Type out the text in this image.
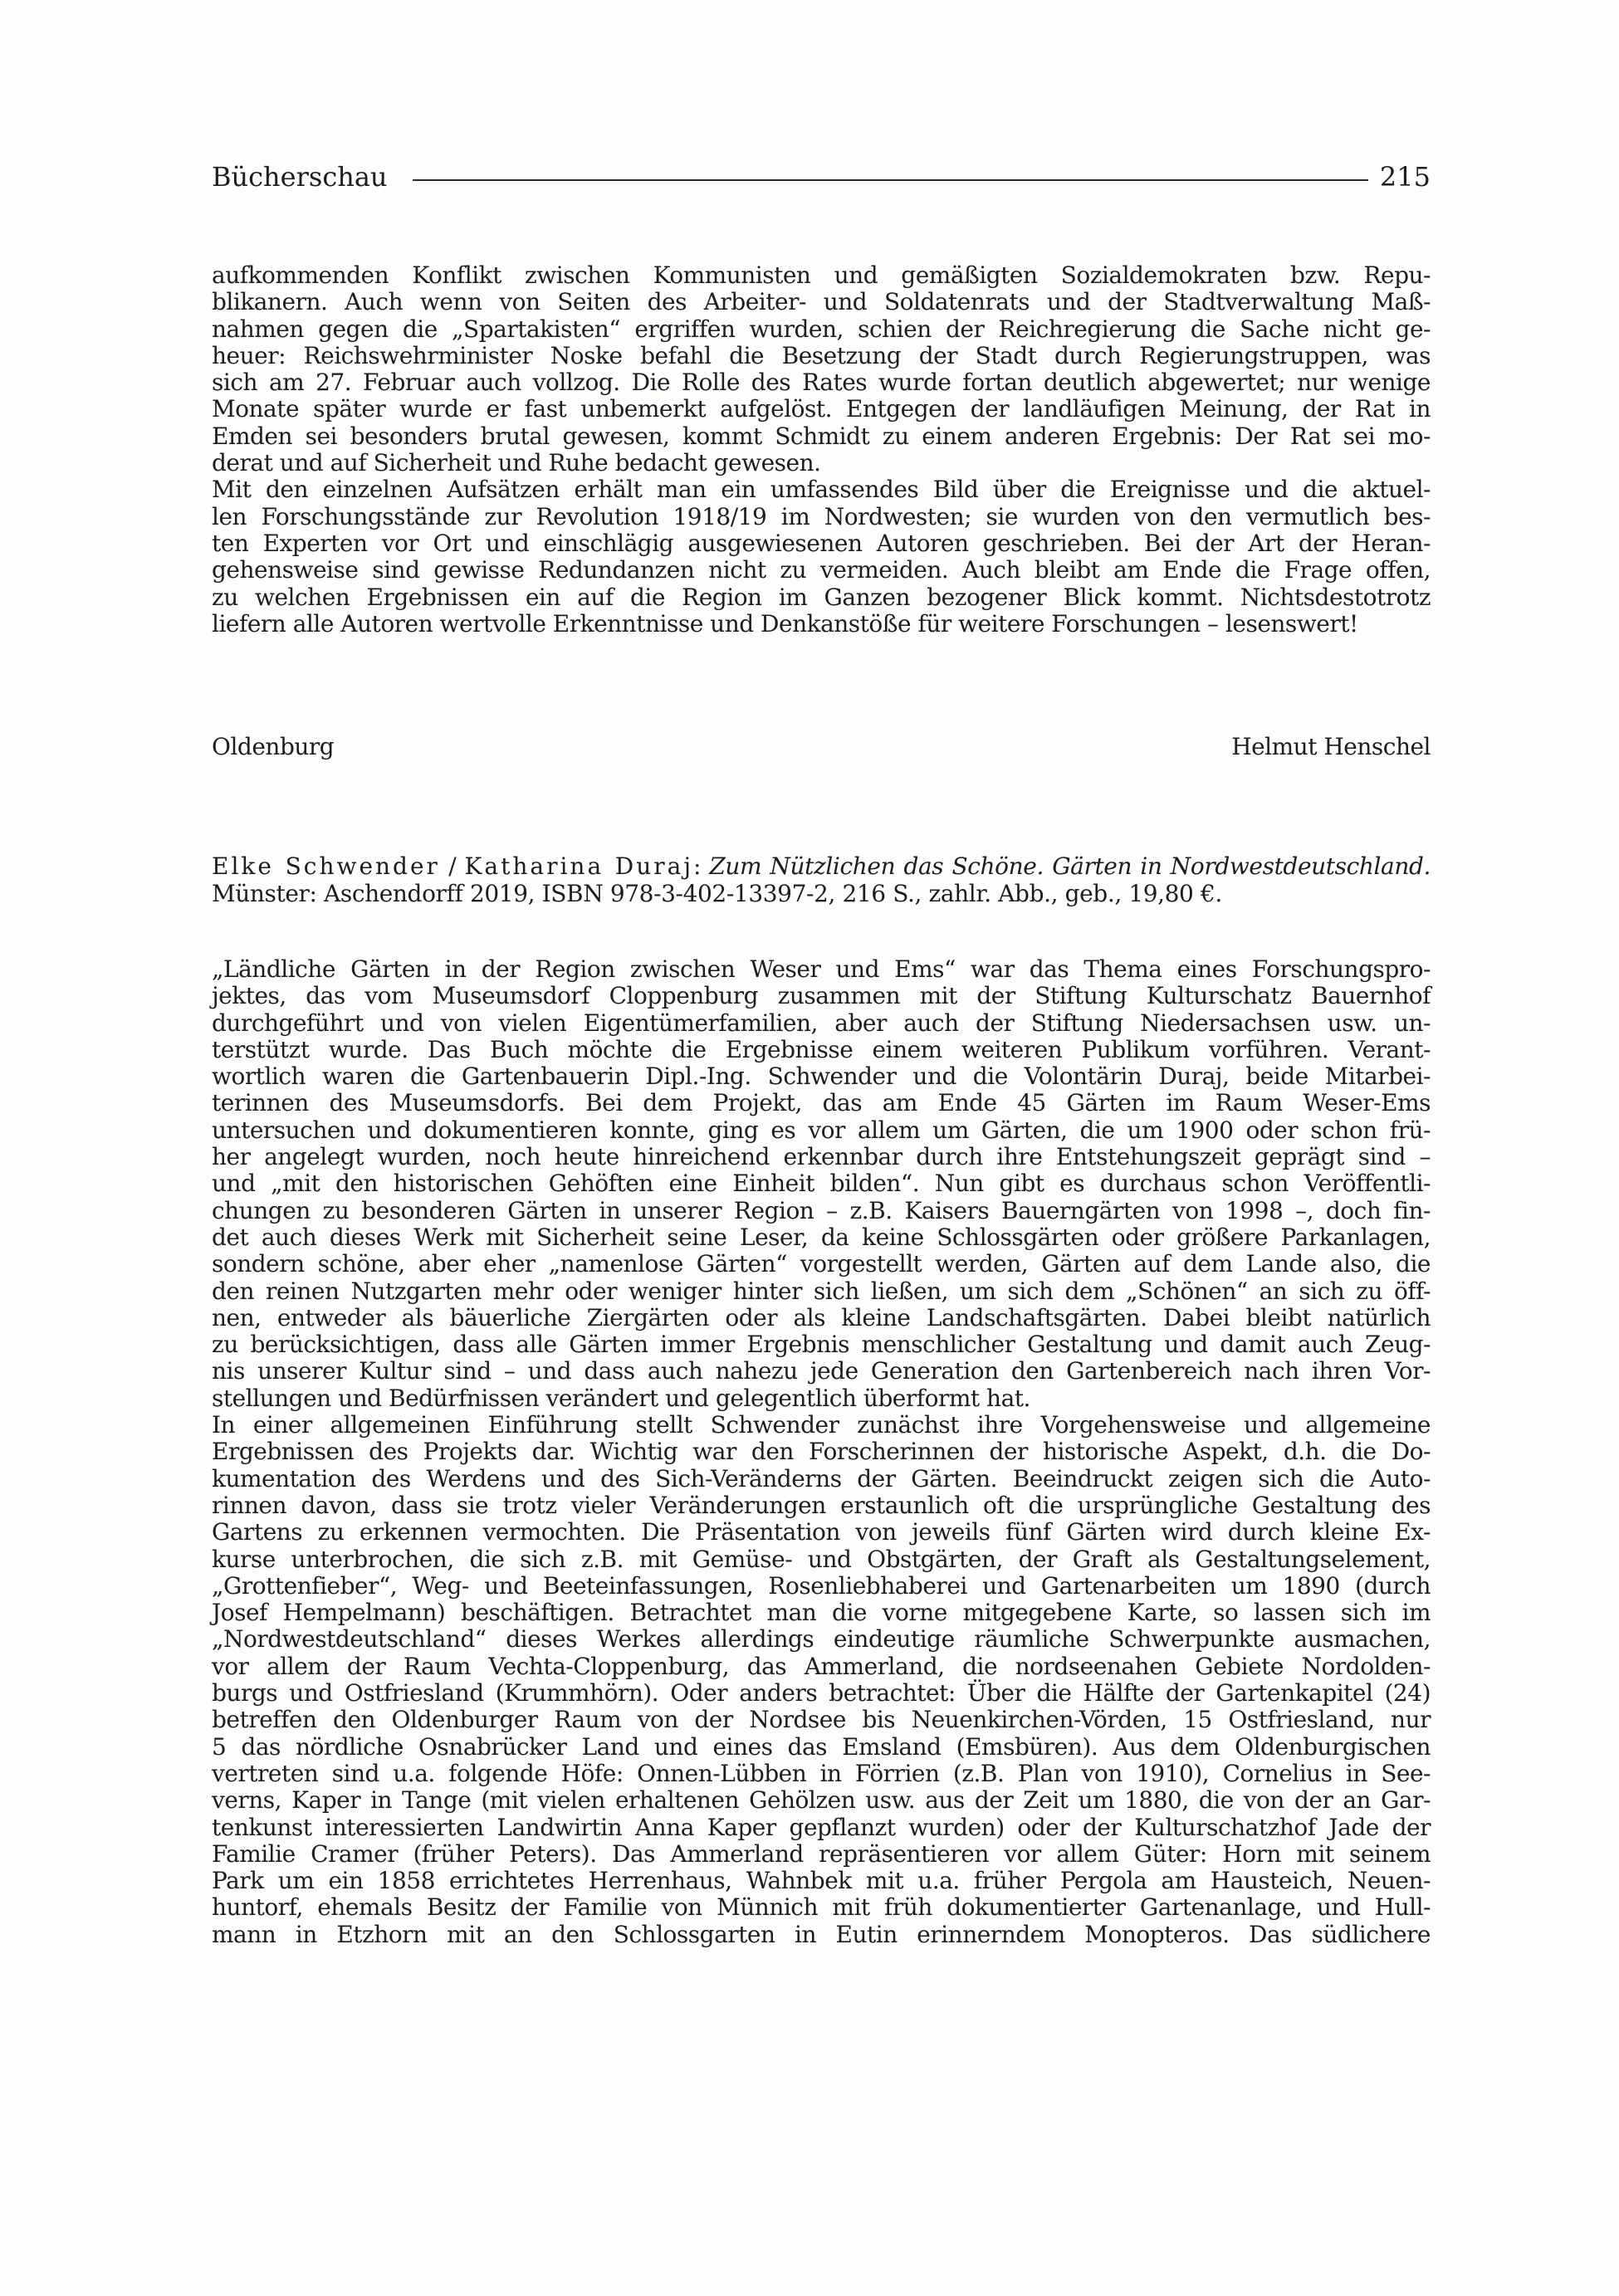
Bücherschau	215
aufkommenden Konflikt zwischen Kommunisten und gemäßigten Sozialdemokraten bzw. Repu-
blikanern. Auch wenn von Seiten des Arbeiter- und Soldatenrats und der Stadtverwaltung Maß-
nahmen gegen die „Spartakisten“ ergriffen wurden, schien der Reichregierung die Sache nicht ge-
heuer: Reichswehrminister Noske befahl die Besetzung der Stadt durch Regierungstruppen, was
sich am 27. Februar auch vollzog. Die Rolle des Rates wurde fortan deutlich abgewertet; nur wenige
Monate später wurde er fast unbemerkt aufgelöst. Entgegen der landläufigen Meinung, der Rat in
Emden sei besonders brutal gewesen, kommt Schmidt zu einem anderen Ergebnis: Der Rat sei mo-
derat und auf Sicherheit und Ruhe bedacht gewesen.
Mit den einzelnen Aufsätzen erhält man ein umfassendes Bild über die Ereignisse und die aktuel-
len Forschungsstände zur Revolution 1918/19 im Nordwesten; sie wurden von den vermutlich bes-
ten Experten vor Ort und einschlägig ausgewiesenen Autoren geschrieben. Bei der Art der Heran-
gehensweise sind gewisse Redundanzen nicht zu vermeiden. Auch bleibt am Ende die Frage offen,
zu welchen Ergebnissen ein auf die Region im Ganzen bezogener Blick kommt. Nichtsdestotrotz
liefern alle Autoren wertvolle Erkenntnisse und Denkanstöße für weitere Forschungen – lesenswert!
Oldenburg	Helmut Henschel
Elke Schwender / Katharina Duraj: Zum Nützlichen das Schöne. Gärten in Nordwestdeutschland.
Münster: Aschendorff 2019, ISBN 978-3-402-13397-2, 216 S., zahlr. Abb., geb., 19,80 €.
„Ländliche Gärten in der Region zwischen Weser und Ems“ war das Thema eines Forschungspro-
jektes, das vom Museumsdorf Cloppenburg zusammen mit der Stiftung Kulturschatz Bauernhof
durchgeführt und von vielen Eigentümerfamilien, aber auch der Stiftung Niedersachsen usw. un-
terstützt wurde. Das Buch möchte die Ergebnisse einem weiteren Publikum vorführen. Verant-
wortlich waren die Gartenbauerin Dipl.-Ing. Schwender und die Volontärin Duraj, beide Mitarbei-
terinnen des Museumsdorfs. Bei dem Projekt, das am Ende 45 Gärten im Raum Weser-Ems
untersuchen und dokumentieren konnte, ging es vor allem um Gärten, die um 1900 oder schon frü-
her angelegt wurden, noch heute hinreichend erkennbar durch ihre Entstehungszeit geprägt sind –
und „mit den historischen Gehöften eine Einheit bilden“. Nun gibt es durchaus schon Veröffentli-
chungen zu besonderen Gärten in unserer Region – z.B. Kaisers Bauerngärten von 1998 –, doch fin-
det auch dieses Werk mit Sicherheit seine Leser, da keine Schlossgärten oder größere Parkanlagen,
sondern schöne, aber eher „namenlose Gärten“ vorgestellt werden, Gärten auf dem Lande also, die
den reinen Nutzgarten mehr oder weniger hinter sich ließen, um sich dem „Schönen“ an sich zu öff-
nen, entweder als bäuerliche Ziergärten oder als kleine Landschaftsgärten. Dabei bleibt natürlich
zu berücksichtigen, dass alle Gärten immer Ergebnis menschlicher Gestaltung und damit auch Zeug-
nis unserer Kultur sind – und dass auch nahezu jede Generation den Gartenbereich nach ihren Vor-
stellungen und Bedürfnissen verändert und gelegentlich überformt hat.
In einer allgemeinen Einführung stellt Schwender zunächst ihre Vorgehensweise und allgemeine
Ergebnissen des Projekts dar. Wichtig war den Forscherinnen der historische Aspekt, d.h. die Do-
kumentation des Werdens und des Sich-Veränderns der Gärten. Beeindruckt zeigen sich die Auto-
rinnen davon, dass sie trotz vieler Veränderungen erstaunlich oft die ursprüngliche Gestaltung des
Gartens zu erkennen vermochten. Die Präsentation von jeweils fünf Gärten wird durch kleine Ex-
kurse unterbrochen, die sich z.B. mit Gemüse- und Obstgärten, der Graft als Gestaltungselement,
„Grottenfieber“, Weg- und Beeteinfassungen, Rosenliebhaberei und Gartenarbeiten um 1890 (durch
Josef Hempelmann) beschäftigen. Betrachtet man die vorne mitgegebene Karte, so lassen sich im
„Nordwestdeutschland“ dieses Werkes allerdings eindeutige räumliche Schwerpunkte ausmachen,
vor allem der Raum Vechta-Cloppenburg, das Ammerland, die nordseenahen Gebiete Nordolden-
burgs und Ostfriesland (Krummhörn). Oder anders betrachtet: Über die Hälfte der Gartenkapitel (24)
betreffen den Oldenburger Raum von der Nordsee bis Neuenkirchen-Vörden, 15 Ostfriesland, nur
5 das nördliche Osnabrücker Land und eines das Emsland (Emsbüren). Aus dem Oldenburgischen
vertreten sind u.a. folgende Höfe: Onnen-Lübben in Förrien (z.B. Plan von 1910), Cornelius in See-
verns, Kaper in Tange (mit vielen erhaltenen Gehölzen usw. aus der Zeit um 1880, die von der an Gar-
tenkunst interessierten Landwirtin Anna Kaper gepflanzt wurden) oder der Kulturschatzhof Jade der
Familie Cramer (früher Peters). Das Ammerland repräsentieren vor allem Güter: Horn mit seinem
Park um ein 1858 errichtetes Herrenhaus, Wahnbek mit u.a. früher Pergola am Hausteich, Neuen-
huntorf, ehemals Besitz der Familie von Münnich mit früh dokumentierter Gartenanlage, und Hull-
mann in Etzhorn mit an den Schlossgarten in Eutin erinnerndem Monopteros. Das südlichere
